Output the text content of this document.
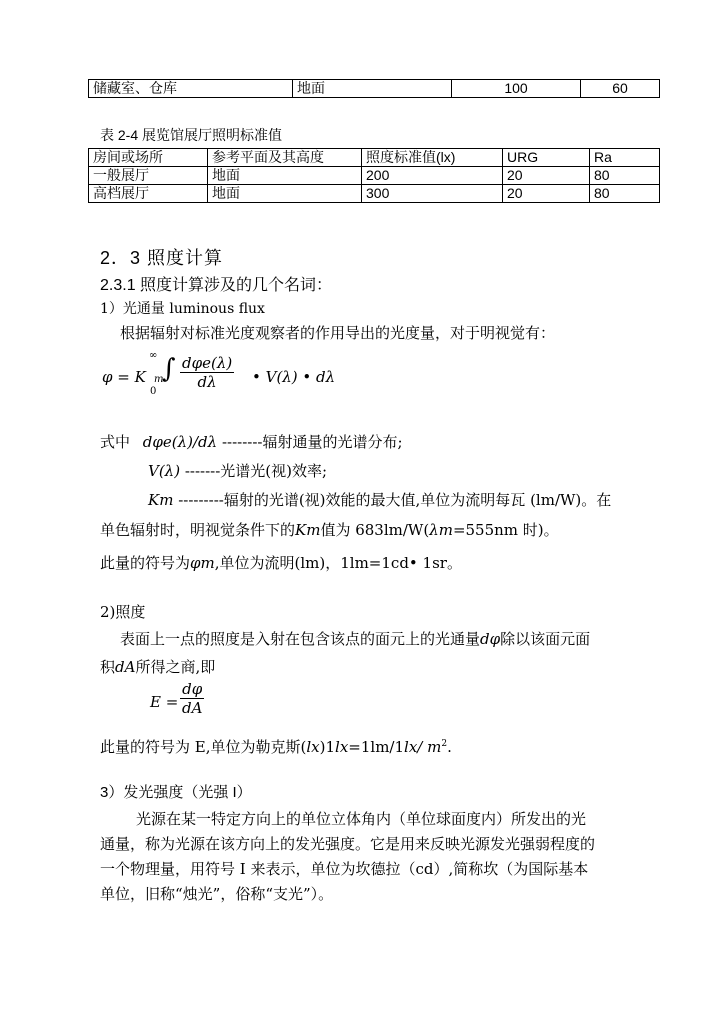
储藏室、仓库	地面	100	60
表 2-4 展览馆展厅照明标准值
房间或场所	参考平面及其高度	照度标准值(lx)	URG	Ra
一般展厅	地面	200	20	80
高档展厅	地面	300	20	80
2．3 照度计算
2.3.1 照度计算涉及的几个名词：
1）光通量 luminous flux
根据辐射对标准光度观察者的作用导出的光度量，对于明视觉有：
φ = K m
∞ ∫
0
dφe(λ)
dλ	• V(λ) • dλ
式中 dφe(λ)/dλ --------辐射通量的光谱分布;
V(λ) -------光谱光(视)效率;
Km ---------辐射的光谱(视)效能的最大值,单位为流明每瓦 (lm/W)。在
单色辐射时，明视觉条件下的Km值为 683lm/W(λm=555nm 时)。
此量的符号为φm,单位为流明(lm)，1lm=1cd• 1sr。
2)照度
表面上一点的照度是入射在包含该点的面元上的光通量dφ除以该面元面
积dA所得之商,即
$E = \frac{d\varphi}{dA}$
此量的符号为 E,单位为勒克斯(lx)1lx=1lm/1lx/ $m^2$.
3）发光强度（光强 I）
光源在某一特定方向上的单位立体角内（单位球面度内）所发出的光
通量，称为光源在该方向上的发光强度。它是用来反映光源发光强弱程度的
一个物理量，用符号 I 来表示，单位为坎德拉（cd）,简称坎（为国际基本
单位，旧称“烛光”，俗称“支光”）。
